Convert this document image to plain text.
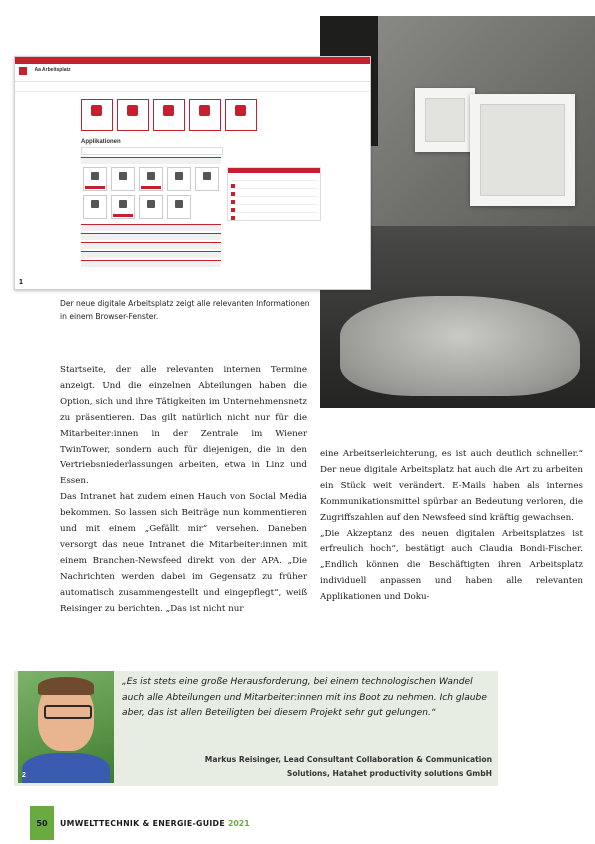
$^{Aa Arbeitsplatz}$
Applikationen
1
Der neue digitale Arbeitsplatz zeigt alle relevanten Informationen in einem Browser-Fenster.

Startseite, der alle relevanten internen Termine anzeigt. Und die einzelnen Abteilungen haben die Option, sich und ihre Tätigkeiten im Unternehmensnetz zu präsentieren. Das gilt natürlich nicht nur für die Mitarbeiter:innen in der Zentrale im Wiener TwinTower, sondern auch für diejenigen, die in den Vertriebsniederlassungen arbeiten, etwa in Linz und Essen.

Das Intranet hat zudem einen Hauch von Social Media bekommen. So lassen sich Beiträge nun kommentieren und mit einem „Gefällt mir“ versehen. Daneben versorgt das neue Intranet die Mitarbeiter:innen mit einem Branchen-Newsfeed direkt von der APA. „Die Nachrichten werden dabei im Gegensatz zu früher automatisch zusammengestellt und eingepflegt“, weiß Reisinger zu berichten. „Das ist nicht nur

eine Arbeitserleichterung, es ist auch deutlich schneller.“ Der neue digitale Arbeitsplatz hat auch die Art zu arbeiten ein Stück weit verändert. E-Mails haben als internes Kommunikationsmittel spürbar an Bedeutung verloren, die Zugriffszahlen auf den Newsfeed sind kräftig gewachsen.

„Die Akzeptanz des neuen digitalen Arbeitsplatzes ist erfreulich hoch“, bestätigt auch Claudia Bondi-Fischer. „Endlich können die Beschäftigten ihren Arbeitsplatz individuell anpassen und haben alle relevanten Applikationen und Doku-

2
„Es ist stets eine große Herausforderung, bei einem technologischen Wandel auch alle Abteilungen und Mitarbeiter:innen mit ins Boot zu nehmen. Ich glaube aber, das ist allen Beteiligten bei diesem Projekt sehr gut gelungen.“
Markus Reisinger, Lead Consultant Collaboration & Communication
Solutions, Hatahet productivity solutions GmbH
50	UMWELTTECHNIK & ENERGIE-GUIDE 2021
